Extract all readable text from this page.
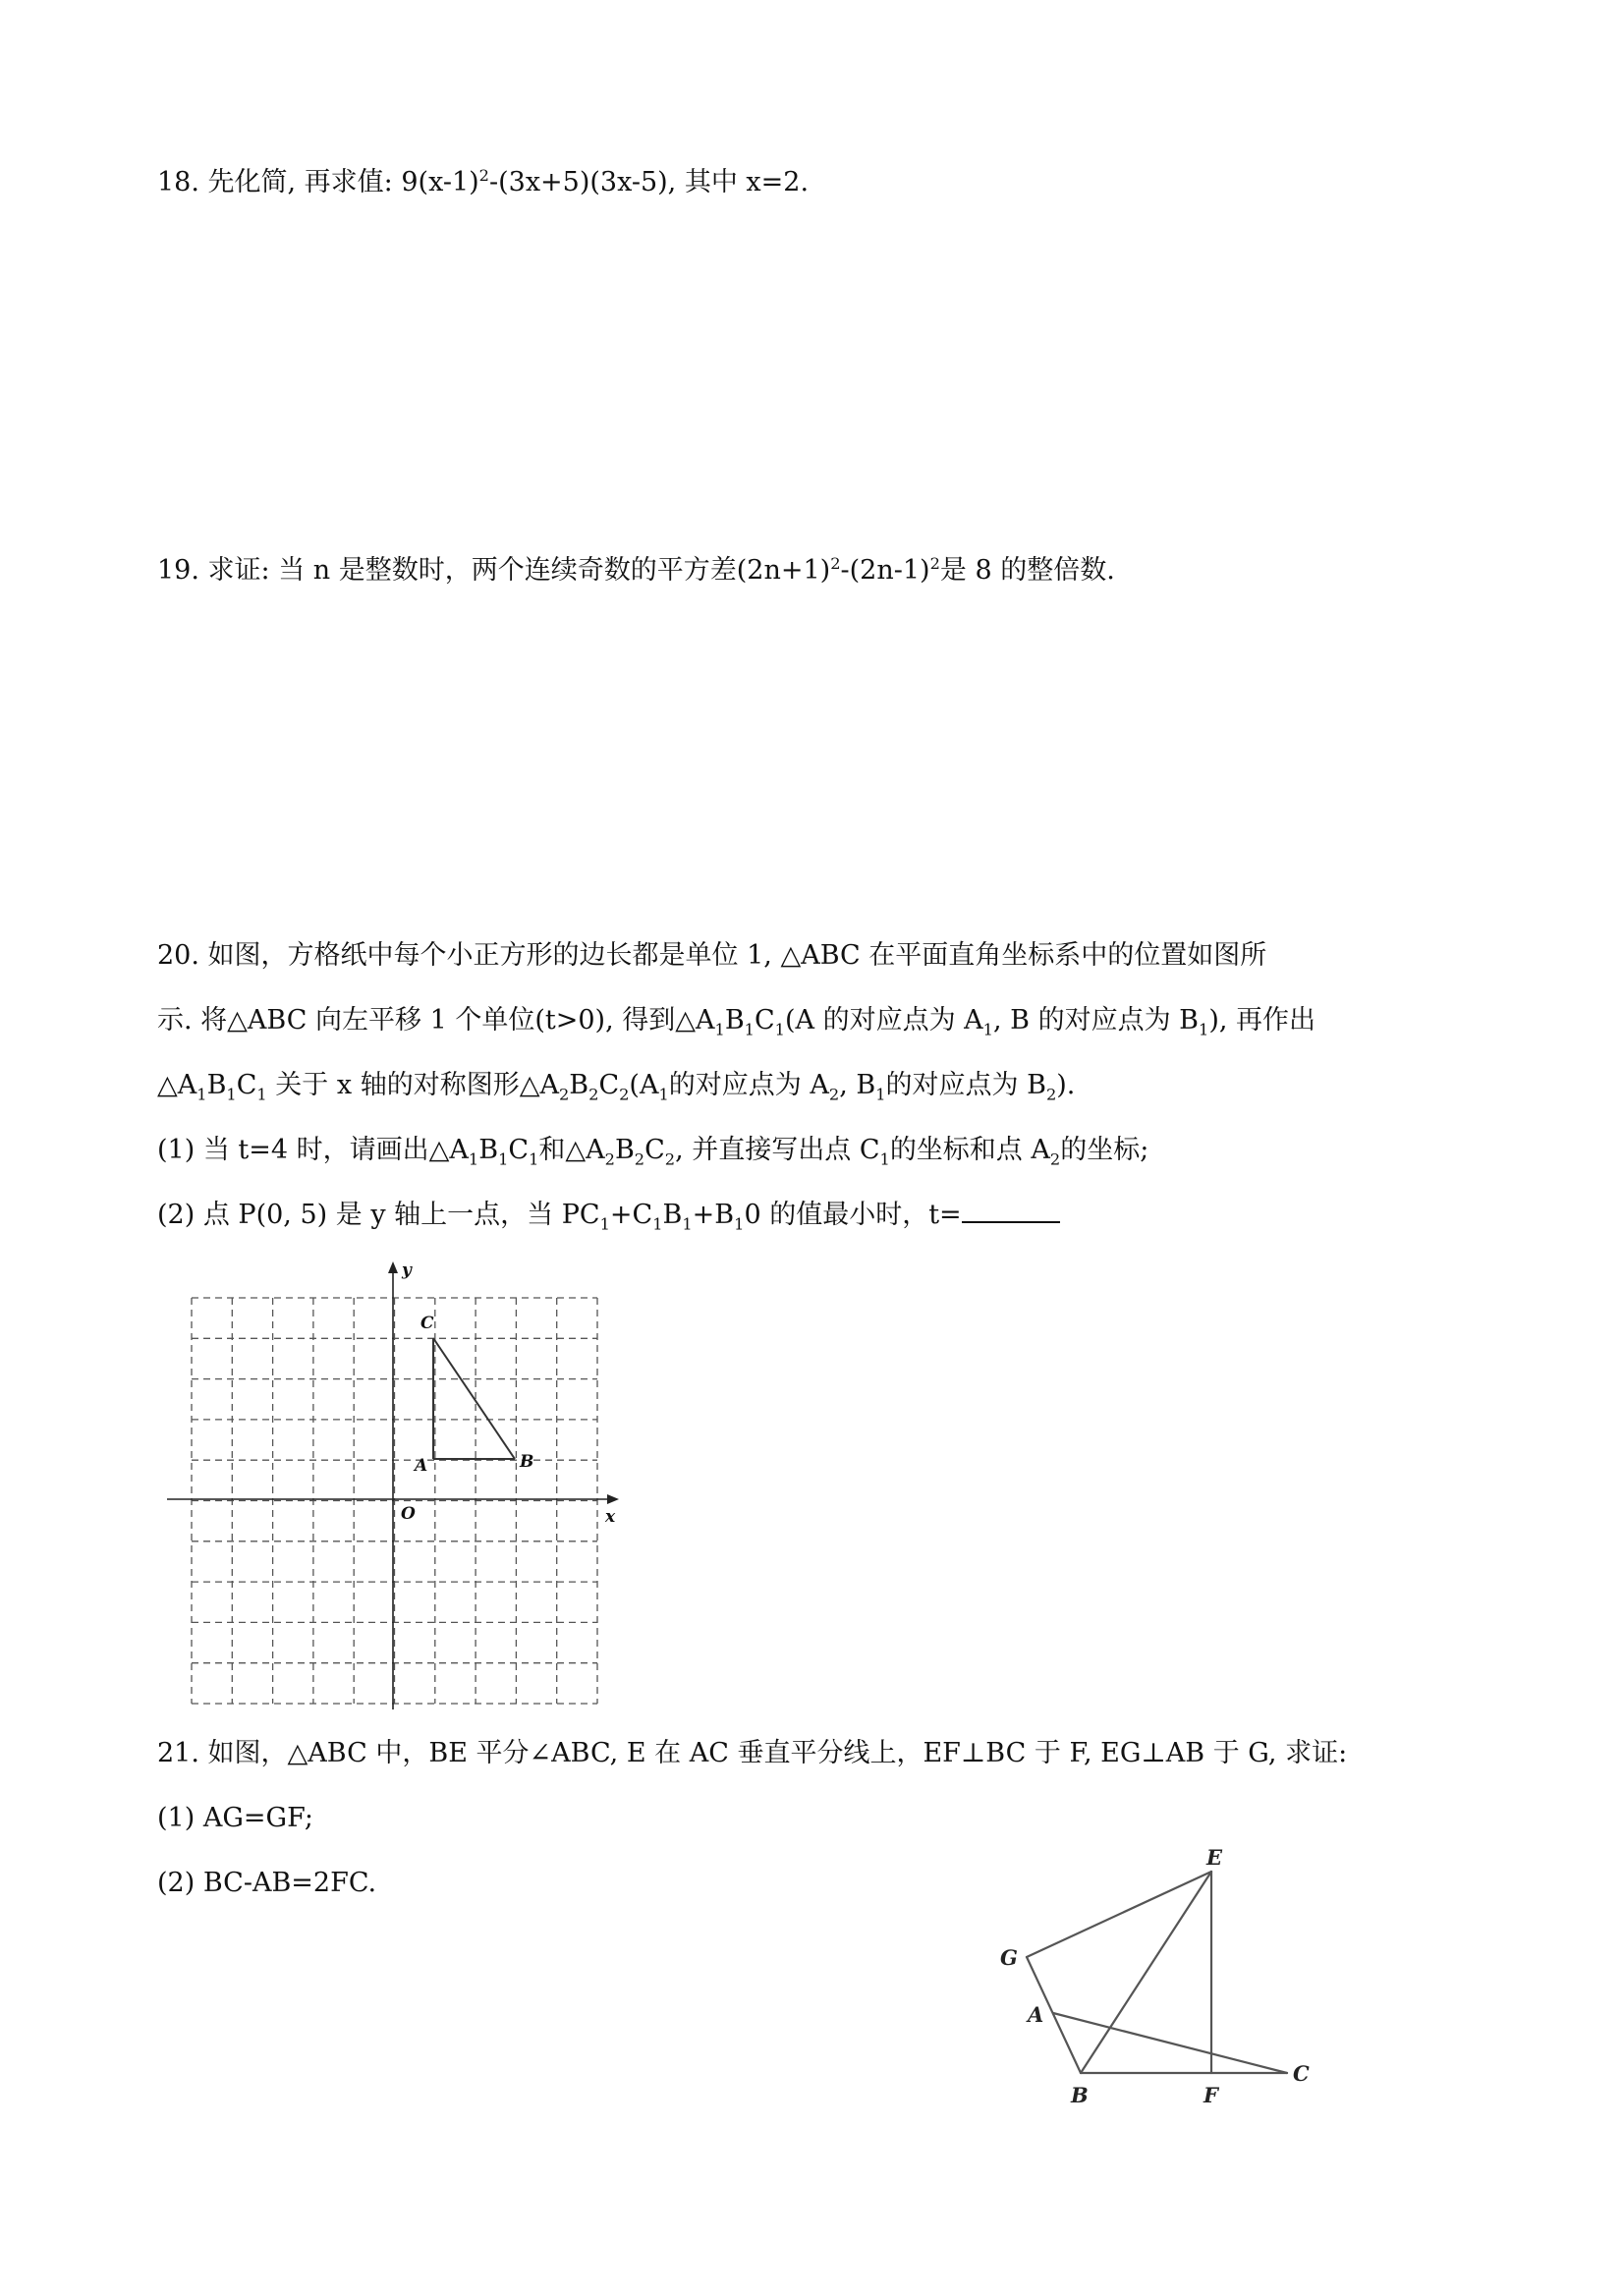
18. 先化简, 再求值: $9(x-1)^2-(3x+5)(3x-5)$, 其中 x=2.
19. 求证: 当 n 是整数时，两个连续奇数的平方差$(2n+1)^2-(2n-1)^2$是 8 的整倍数.
20. 如图，方格纸中每个小正方形的边长都是单位 1, △ABC 在平面直角坐标系中的位置如图所
示. 将△ABC 向左平移 1 个单位(t>0), 得到$\triangle A_1B_1C_1(A$ 的对应点为 $A_1$, B 的对应点为 $B_1$), 再作出
$\triangle A_1B_1C_1$ 关于 x 轴的对称图形$\triangle A_2B_2C_2(A_1$的对应点为 $A_2$, $B_1$的对应点为 $B_2$).
(1) 当 t=4 时，请画出$\triangle A_1B_1C_1$和$\triangle A_2B_2C_2$, 并直接写出点 $C_1$的坐标和点 $A_2$的坐标;
(2) 点 P(0, 5) 是 y 轴上一点，当 $PC_1+C_1B_1+B_10$ 的值最小时，t=
y
x
O
A	B
C
21. 如图，△ABC 中，BE 平分∠ABC, E 在 AC 垂直平分线上，EF⊥BC 于 F, EG⊥AB 于 G, 求证:
(1) AG=GF;
(2) BC-AB=2FC.
E
G
A
B	F
C
